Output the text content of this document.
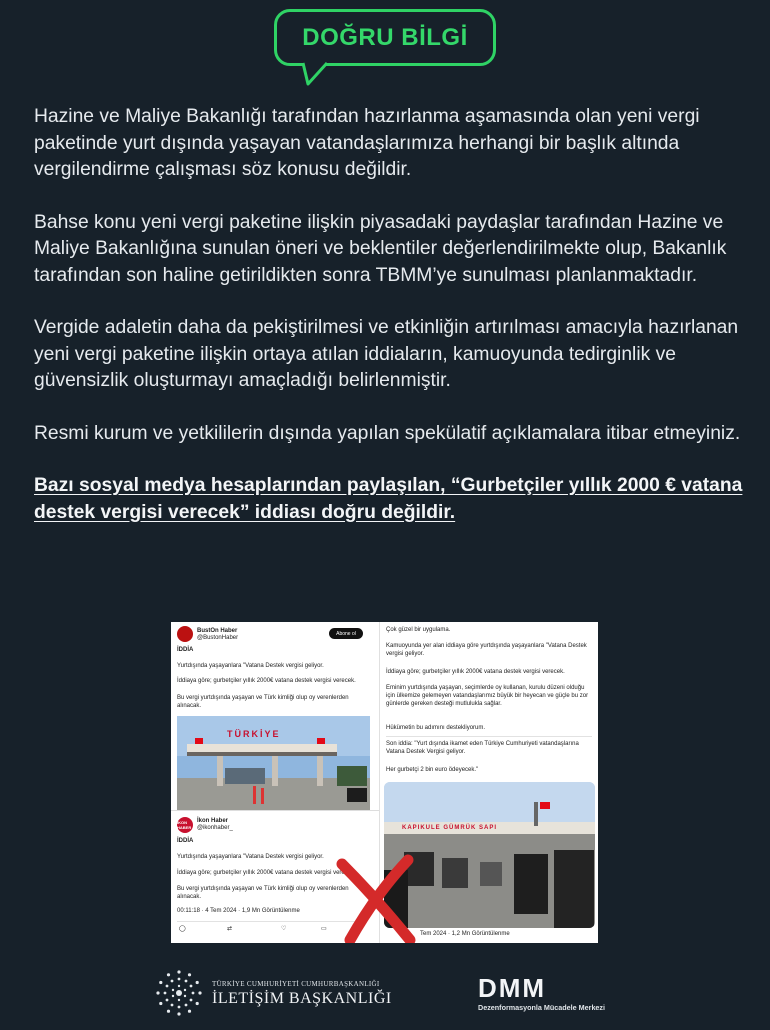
DOĞRU BİLGİ

Hazine ve Maliye Bakanlığı tarafından hazırlanma aşamasında olan yeni vergi paketinde yurt dışında yaşayan vatandaşlarımıza herhangi bir başlık altında vergilendirme çalışması söz konusu değildir.

Bahse konu yeni vergi paketine ilişkin piyasadaki paydaşlar tarafından Hazine ve Maliye Bakanlığına sunulan öneri ve beklentiler değerlendirilmekte olup, Bakanlık tarafından son haline getirildikten sonra TBMM’ye sunulması planlanmaktadır.

Vergide adaletin daha da pekiştirilmesi ve etkinliğin artırılması amacıyla hazırlanan yeni vergi paketine ilişkin ortaya atılan iddiaların, kamuoyunda tedirginlik ve güvensizlik oluşturmayı amaçladığı belirlenmiştir.

Resmi kurum ve yetkililerin dışında yapılan spekülatif açıklamalara itibar etmeyiniz.

Bazı sosyal medya hesaplarından paylaşılan, “Gurbetçiler yıllık 2000 € vatana destek vergisi verecek” iddiası doğru değildir.

BustOn Haber
@BustonHaber
Abone ol
İDDİA
Yurtdışında yaşayanlara "Vatana Destek vergisi geliyor.
İddiaya göre; gurbetçiler yıllık 2000€ vatana destek vergisi verecek.
Bu vergi yurtdışında yaşayan ve Türk kimliği olup oy verenlerden alınacak.
TÜRKİYE
İKON HABER
İkon Haber
@ikonhaber_
İDDİA
Yurtdışında yaşayanlara "Vatana Destek vergisi geliyor.
İddiaya göre; gurbetçiler yıllık 2000€ vatana destek vergisi verecek.
Bu vergi yurtdışında yaşayan ve Türk kimliği olup oy verenlerden alınacak.
00:11:18 · 4 Tem 2024 · 1,9 Mn Görüntülenme
◯	⇄	♡	▭
Çok güzel bir uygulama.
Kamuoyunda yer alan iddiaya göre yurtdışında yaşayanlara "Vatana Destek vergisi geliyor.
İddiaya göre; gurbetçiler yıllık 2000€ vatana destek vergisi verecek.
Eminim yurtdışında yaşayan, seçimlerde oy kullanan, kurulu düzeni olduğu için ülkemize gelemeyen vatandaşlarımız büyük bir heyecan ve güçle bu zor günlerde gereken desteği mutlulukla sağlar.
Hükümetin bu adımını destekliyorum.
Son iddia: "Yurt dışında ikamet eden Türkiye Cumhuriyeti vatandaşlarına Vatana Destek Vergisi geliyor.
Her gurbetçi 2 bin euro ödeyecek."
KAPIKULE GÜMRÜK SAPI
Tem 2024 · 1,2 Mn Görüntülenme
TÜRKİYE CUMHURİYETİ CUMHURBAŞKANLIĞI
İLETİŞİM BAŞKANLIĞI	DMM
Dezenformasyonla Mücadele Merkezi
